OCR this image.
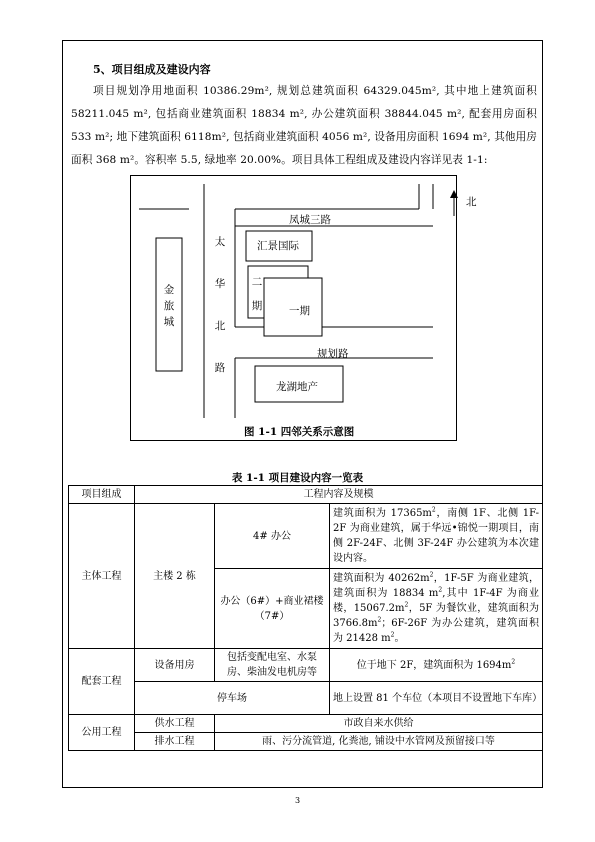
5、项目组成及建设内容
项目规划净用地面积 10386.29m², 规划总建筑面积 64329.045m², 其中地上建筑面积 58211.045 m², 包括商业建筑面积 18834 m², 办公建筑面积 38844.045 m², 配套用房面积 533 m²; 地下建筑面积 6118m², 包括商业建筑面积 4056 m², 设备用房面积 1694 m², 其他用房面积 368 m²。容积率 5.5, 绿地率 20.00%。项目具体工程组成及建设内容详见表 1-1:
凤城三路
规划路
太
华
北
路
金
旅
城
汇景国际
二
期	一期
龙湖地产
北
图 1-1 四邻关系示意图
表 1-1 项目建设内容一览表
项目组成	工程内容及规模		
主体工程	主楼 2 栋	4# 办公	建筑面积为 $17365m^2$，南侧 1F、北侧 1F-2F 为商业建筑，属于华远•锦悦一期项目，南侧 2F-24F、北侧 3F-24F 办公建筑为本次建设内容。
		办公（6#）+商业裙楼（7#）	建筑面积为 $40262m^2$，1F-5F 为商业建筑，建筑面积为 18834 $m^2$,其中 1F-4F 为商业楼，$15067.2m^2$，5F 为餐饮业，建筑面积为 $3766.8m^2$；6F-26F 为办公建筑，建筑面积为 21428 $m^2$。
配套工程	设备用房	包括变配电室、水泵房、柴油发电机房等	位于地下 2F，建筑面积为 $1694m^2$
	停车场		地上设置 81 个车位（本项目不设置地下车库）
公用工程	供水工程	市政自来水供给	
	排水工程	雨、污分流管道, 化粪池, 铺设中水管网及预留接口等	
3
